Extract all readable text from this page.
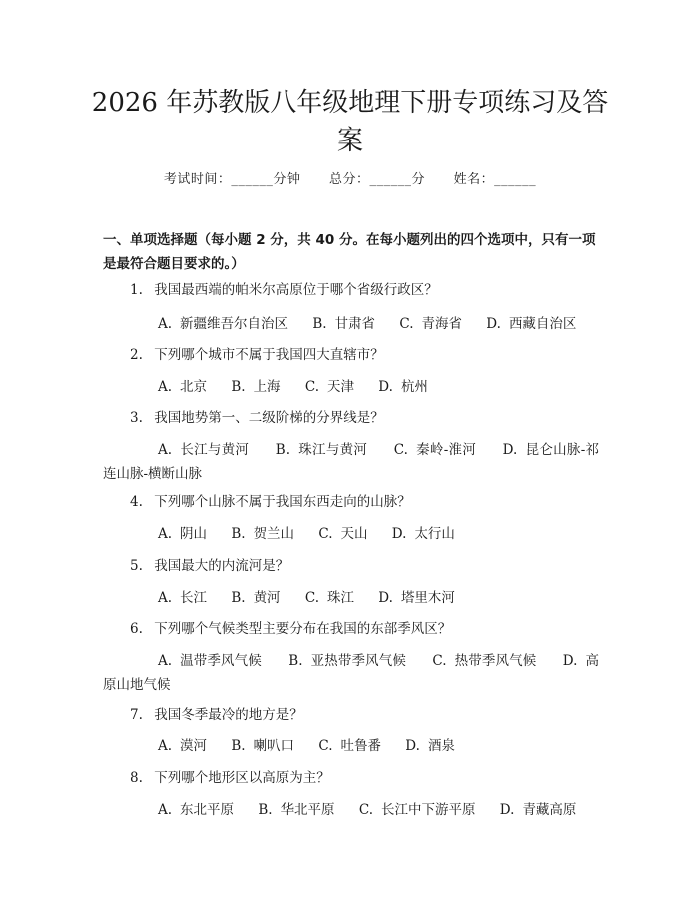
2026 年苏教版八年级地理下册专项练习及答
案
考试时间：______分钟 总分：______分 姓名：______
一、单项选择题（每小题 2 分，共 40 分。在每小题列出的四个选项中，只有一项
是最符合题目要求的。）
1. 我国最西端的帕米尔高原位于哪个省级行政区？
A. 新疆维吾尔自治区 B. 甘肃省 C. 青海省 D. 西藏自治区
2. 下列哪个城市不属于我国四大直辖市？
A. 北京 B. 上海 C. 天津 D. 杭州
3. 我国地势第一、二级阶梯的分界线是？
A. 长江与黄河 B. 珠江与黄河 C. 秦岭-淮河 D. 昆仑山脉-祁连山脉-横断山脉
4. 下列哪个山脉不属于我国东西走向的山脉？
A. 阴山 B. 贺兰山 C. 天山 D. 太行山
5. 我国最大的内流河是？
A. 长江 B. 黄河 C. 珠江 D. 塔里木河
6. 下列哪个气候类型主要分布在我国的东部季风区？
A. 温带季风气候 B. 亚热带季风气候 C. 热带季风气候 D. 高原山地气候
7. 我国冬季最冷的地方是？
A. 漠河 B. 喇叭口 C. 吐鲁番 D. 酒泉
8. 下列哪个地形区以高原为主？
A. 东北平原 B. 华北平原 C. 长江中下游平原 D. 青藏高原
